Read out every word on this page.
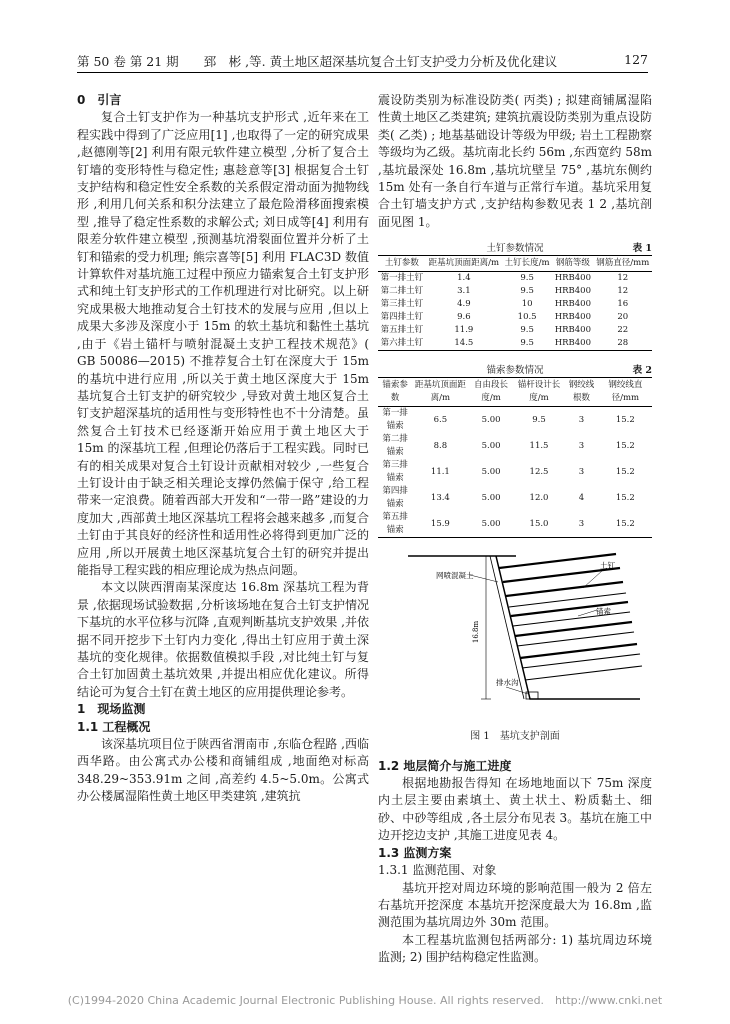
第 50 卷 第 21 期　　 郅　彬 ,等. 黄土地区超深基坑复合土钉支护受力分析及优化建议	127

0　引言

复合土钉支护作为一种基坑支护形式 ,近年来在工程实践中得到了广泛应用[1] ,也取得了一定的研究成果 ,赵德刚等[2] 利用有限元软件建立模型 ,分析了复合土钉墙的变形特性与稳定性; 惠趁意等[3] 根据复合土钉支护结构和稳定性安全系数的关系假定滑动面为抛物线形 ,利用几何关系和积分法建立了最危险滑移面搜索模型 ,推导了稳定性系数的求解公式; 刘日成等[4] 利用有限差分软件建立模型 ,预测基坑滑裂面位置并分析了土钉和锚索的受力机理; 熊宗喜等[5] 利用 FLAC3D 数值计算软件对基坑施工过程中预应力锚索复合土钉支护形式和纯土钉支护形式的工作机理进行对比研究。以上研究成果极大地推动复合土钉技术的发展与应用 ,但以上成果大多涉及深度小于 15m 的软土基坑和黏性土基坑 ,由于《岩土锚杆与喷射混凝土支护工程技术规范》( GB 50086—2015) 不推荐复合土钉在深度大于 15m 的基坑中进行应用 ,所以关于黄土地区深度大于 15m 基坑复合土钉支护的研究较少 ,导致对黄土地区复合土钉支护超深基坑的适用性与变形特性也不十分清楚。虽然复合土钉技术已经逐渐开始应用于黄土地区大于 15m 的深基坑工程 ,但理论仍落后于工程实践。同时已有的相关成果对复合土钉设计贡献相对较少 ,一些复合土钉设计由于缺乏相关理论支撑仍然偏于保守 ,给工程带来一定浪费。随着西部大开发和“一带一路”建设的力度加大 ,西部黄土地区深基坑工程将会越来越多 ,而复合土钉由于其良好的经济性和适用性必将得到更加广泛的应用 ,所以开展黄土地区深基坑复合土钉的研究并提出能指导工程实践的相应理论成为热点问题。

本文以陕西渭南某深度达 16.8m 深基坑工程为背景 ,依据现场试验数据 ,分析该场地在复合土钉支护情况下基坑的水平位移与沉降 ,直观判断基坑支护效果 ,并依据不同开挖步下土钉内力变化 ,得出土钉应用于黄土深基坑的变化规律。依据数值模拟手段 ,对比纯土钉与复合土钉加固黄土基坑效果 ,并提出相应优化建议。所得结论可为复合土钉在黄土地区的应用提供理论参考。

1　现场监测

1.1 工程概况

该深基坑项目位于陕西省渭南市 ,东临仓程路 ,西临西华路。由公寓式办公楼和商铺组成 ,地面绝对标高 348.29~353.91m 之间 ,高差约 4.5~5.0m。公寓式办公楼属湿陷性黄土地区甲类建筑 ,建筑抗

震设防类别为标准设防类( 丙类) ; 拟建商铺属湿陷性黄土地区乙类建筑; 建筑抗震设防类别为重点设防类( 乙类) ; 地基基础设计等级为甲级; 岩土工程勘察等级均为乙级。基坑南北长约 56m ,东西宽约 58m ,基坑最深处 16.8m ,基坑坑壁呈 75° ,基坑东侧约 15m 处有一条自行车道与正常行车道。基坑采用复合土钉墙支护方式 ,支护结构参数见表 1 2 ,基坑剖面见图 1。

土钉参数情况	表 1
土钉参数	距基坑顶面距离/m	土钉长度/m	钢筋等级	钢筋直径/mm
第一排土钉	1.4	9.5	HRB400	12
第二排土钉	3.1	9.5	HRB400	12
第三排土钉	4.9	10	HRB400	16
第四排土钉	9.6	10.5	HRB400	20
第五排土钉	11.9	9.5	HRB400	22
第六排土钉	14.5	9.5	HRB400	28
锚索参数情况	表 2
锚索参数	距基坑顶面距离/m	自由段长度/m	锚杆设计长度/m	钢绞线根数	钢绞线直径/mm
第一排锚索	6.5	5.00	9.5	3	15.2
第二排锚索	8.8	5.00	11.5	3	15.2
第三排锚索	11.1	5.00	12.5	3	15.2
第四排锚索	13.4	5.00	12.0	4	15.2
第五排锚索	15.9	5.00	15.0	3	15.2
16.8m
排水沟
网喷混凝土
土钉
锚索
图 1　基坑支护剖面

1.2 地层简介与施工进度

根据地勘报告得知 在场地地面以下 75m 深度内土层主要由素填土、黄土状土、粉质黏土、细砂、中砂等组成 ,各土层分布见表 3。基坑在施工中边开挖边支护 ,其施工进度见表 4。

1.3 监测方案

1.3.1 监测范围、对象

基坑开挖对周边环境的影响范围一般为 2 倍左右基坑开挖深度 本基坑开挖深度最大为 16.8m ,监测范围为基坑周边外 30m 范围。

本工程基坑监测包括两部分: 1) 基坑周边环境监测; 2) 围护结构稳定性监测。

(C)1994-2020 China Academic Journal Electronic Publishing House. All rights reserved.　http://www.cnki.net
